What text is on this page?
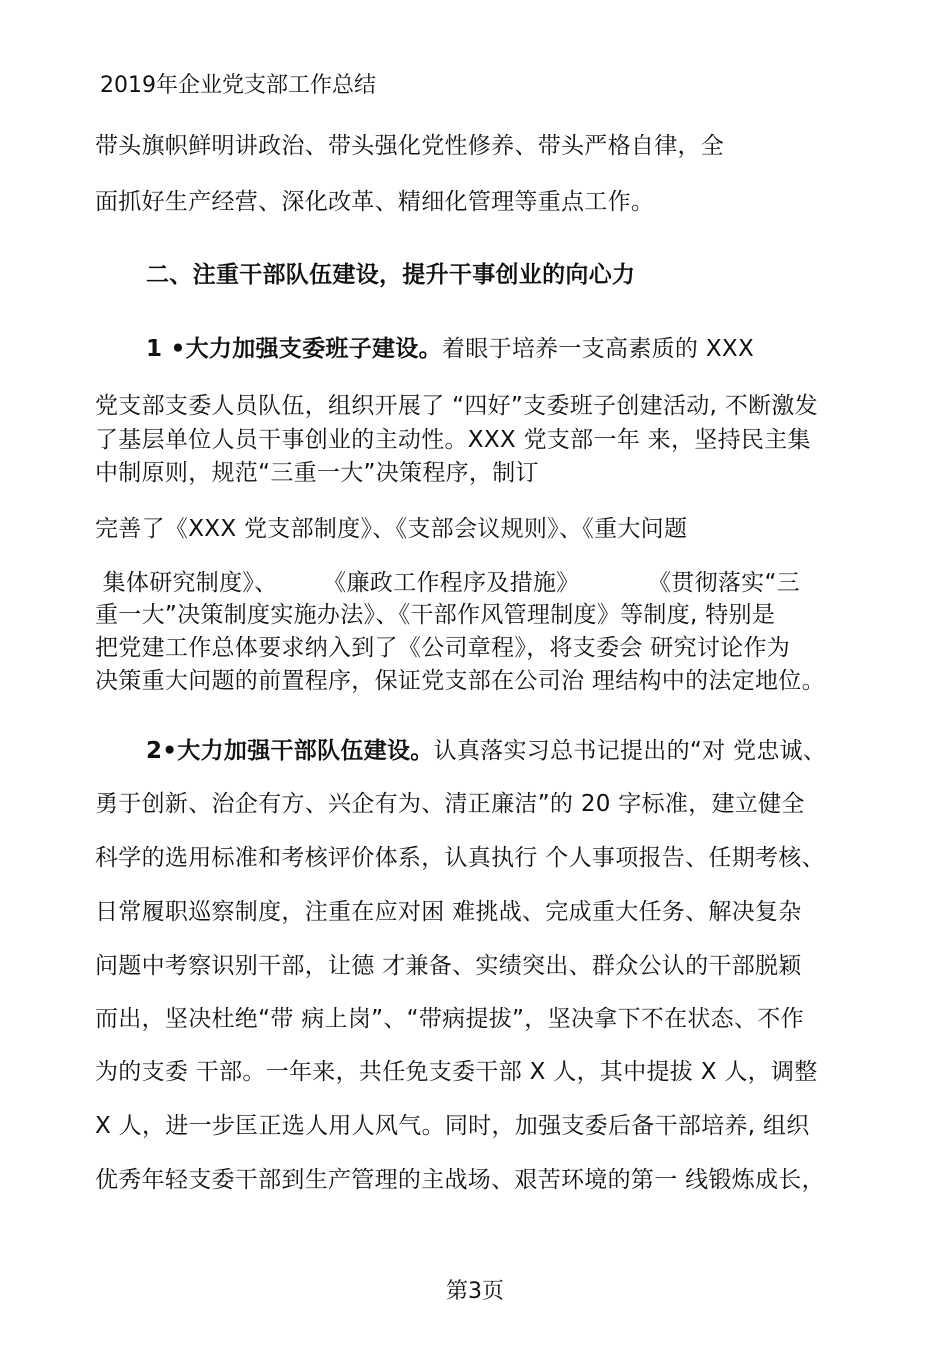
2019年企业党支部工作总结
带头旗帜鲜明讲政治、带头强化党性修养、带头严格自律，全
面抓好生产经营、深化改革、精细化管理等重点工作。
二、注重干部队伍建设，提升干事创业的向心力
1 •大力加强支委班子建设。着眼于培养一支高素质的 XXX
党支部支委人员队伍，组织开展了 “四好”支委班子创建活动, 不断激发
了基层单位人员干事创业的主动性。XXX 党支部一年 来，坚持民主集
中制原则，规范“三重一大”决策程序，制订
完善了《XXX 党支部制度》、《支部会议规则》、《重大问题
集体研究制度》、      《廉政工作程序及措施》         《贯彻落实“三
重一大”决策制度实施办法》、《干部作风管理制度》等制度, 特别是
把党建工作总体要求纳入到了《公司章程》，将支委会 研究讨论作为
决策重大问题的前置程序，保证党支部在公司治 理结构中的法定地位。
2•大力加强干部队伍建设。认真落实习总书记提出的“对 党忠诚、
勇于创新、治企有方、兴企有为、清正廉洁”的 20 字标准，建立健全
科学的选用标准和考核评价体系，认真执行 个人事项报告、任期考核、
日常履职巡察制度，注重在应对困 难挑战、完成重大任务、解决复杂
问题中考察识别干部，让德 才兼备、实绩突出、群众公认的干部脱颖
而出，坚决杜绝“带 病上岗”、“带病提拔”，坚决拿下不在状态、不作
为的支委 干部。一年来，共任免支委干部 X 人，其中提拔 X 人，调整
X 人，进一步匡正选人用人风气。同时，加强支委后备干部培养, 组织
优秀年轻支委干部到生产管理的主战场、艰苦环境的第一 线锻炼成长，
第3页
